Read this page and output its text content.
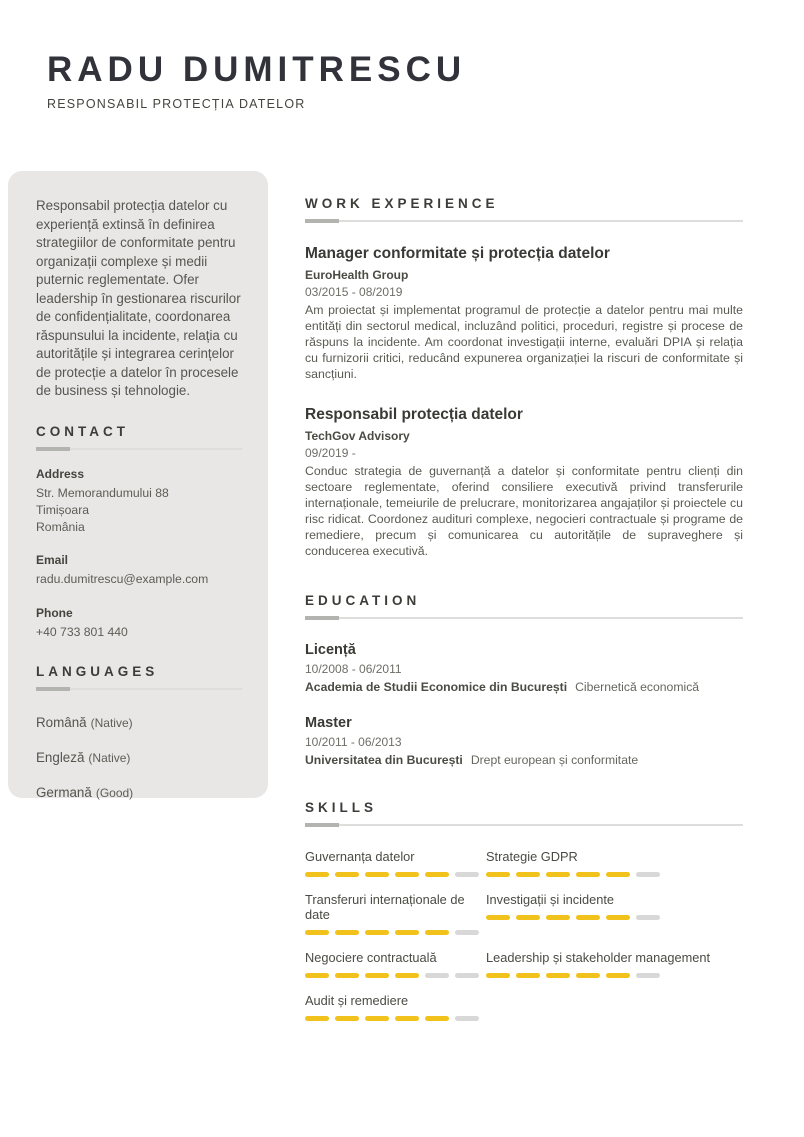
RADU DUMITRESCU
RESPONSABIL PROTECȚIA DATELOR

Responsabil protecția datelor cu experiență extinsă în definirea strategiilor de conformitate pentru organizații complexe și medii puternic reglementate. Ofer leadership în gestionarea riscurilor de confidențialitate, coordonarea răspunsului la incidente, relația cu autoritățile și integrarea cerințelor de protecție a datelor în procesele de business și tehnologie.

CONTACT
Address
Str. Memorandumului 88
Timișoara
România
Email
radu.dumitrescu@example.com
Phone
+40 733 801 440
LANGUAGES
Română (Native)
Engleză (Native)
Germană (Good)
WORK EXPERIENCE
Manager conformitate și protecția datelor
EuroHealth Group
03/2015 - 08/2019
Am proiectat și implementat programul de protecție a datelor pentru mai multe entități din sectorul medical, incluzând politici, proceduri, registre și procese de răspuns la incidente. Am coordonat investigații interne, evaluări DPIA și relația cu furnizorii critici, reducând expunerea organizației la riscuri de conformitate și sancțiuni.
Responsabil protecția datelor
TechGov Advisory
09/2019 -
Conduc strategia de guvernanță a datelor și conformitate pentru clienți din sectoare reglementate, oferind consiliere executivă privind transferurile internaționale, temeiurile de prelucrare, monitorizarea angajaților și proiectele cu risc ridicat. Coordonez audituri complexe, negocieri contractuale și programe de remediere, precum și comunicarea cu autoritățile de supraveghere și conducerea executivă.
EDUCATION
Licență
10/2008 - 06/2011
Academia de Studii Economice din București Cibernetică economică
Master
10/2011 - 06/2013
Universitatea din București Drept european și conformitate
SKILLS
Guvernanța datelor	Strategie GDPR
Transferuri internaționale de date
Investigații și incidente
Negociere contractuală	Leadership și stakeholder management
Audit și remediere
